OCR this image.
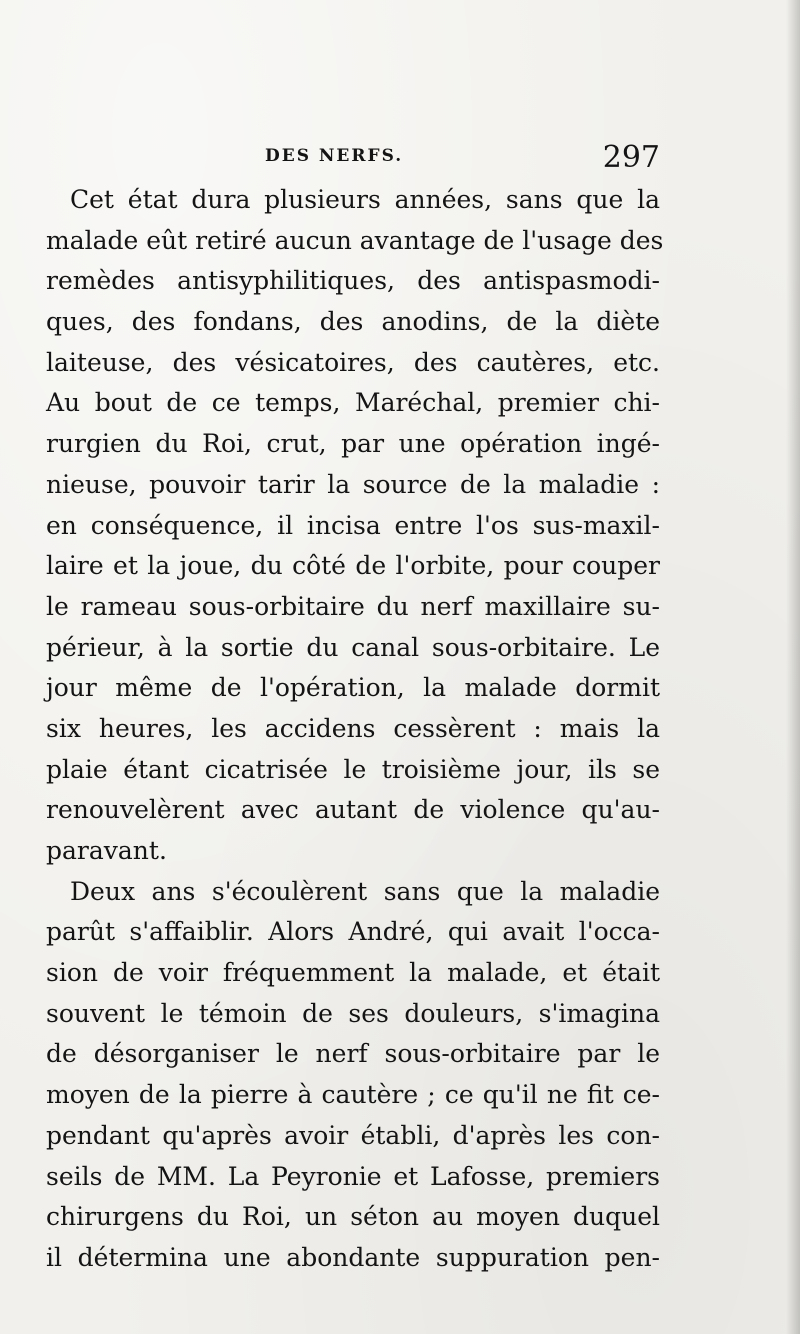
DES NERFS.	297
Cet état dura plusieurs années, sans que la
malade eût retiré aucun avantage de l'usage des
remèdes antisyphilitiques, des antispasmodi-
ques, des fondans, des anodins, de la diète
laiteuse, des vésicatoires, des cautères, etc.
Au bout de ce temps, Maréchal, premier chi-
rurgien du Roi, crut, par une opération ingé-
nieuse, pouvoir tarir la source de la maladie :
en conséquence, il incisa entre l'os sus-maxil-
laire et la joue, du côté de l'orbite, pour couper
le rameau sous-orbitaire du nerf maxillaire su-
périeur, à la sortie du canal sous-orbitaire. Le
jour même de l'opération, la malade dormit
six heures, les accidens cessèrent : mais la
plaie étant cicatrisée le troisième jour, ils se
renouvelèrent avec autant de violence qu'au-
paravant.
Deux ans s'écoulèrent sans que la maladie
parût s'affaiblir. Alors André, qui avait l'occa-
sion de voir fréquemment la malade, et était
souvent le témoin de ses douleurs, s'imagina
de désorganiser le nerf sous-orbitaire par le
moyen de la pierre à cautère ; ce qu'il ne fit ce-
pendant qu'après avoir établi, d'après les con-
seils de MM. La Peyronie et Lafosse, premiers
chirurgens du Roi, un séton au moyen duquel
il détermina une abondante suppuration pen-
